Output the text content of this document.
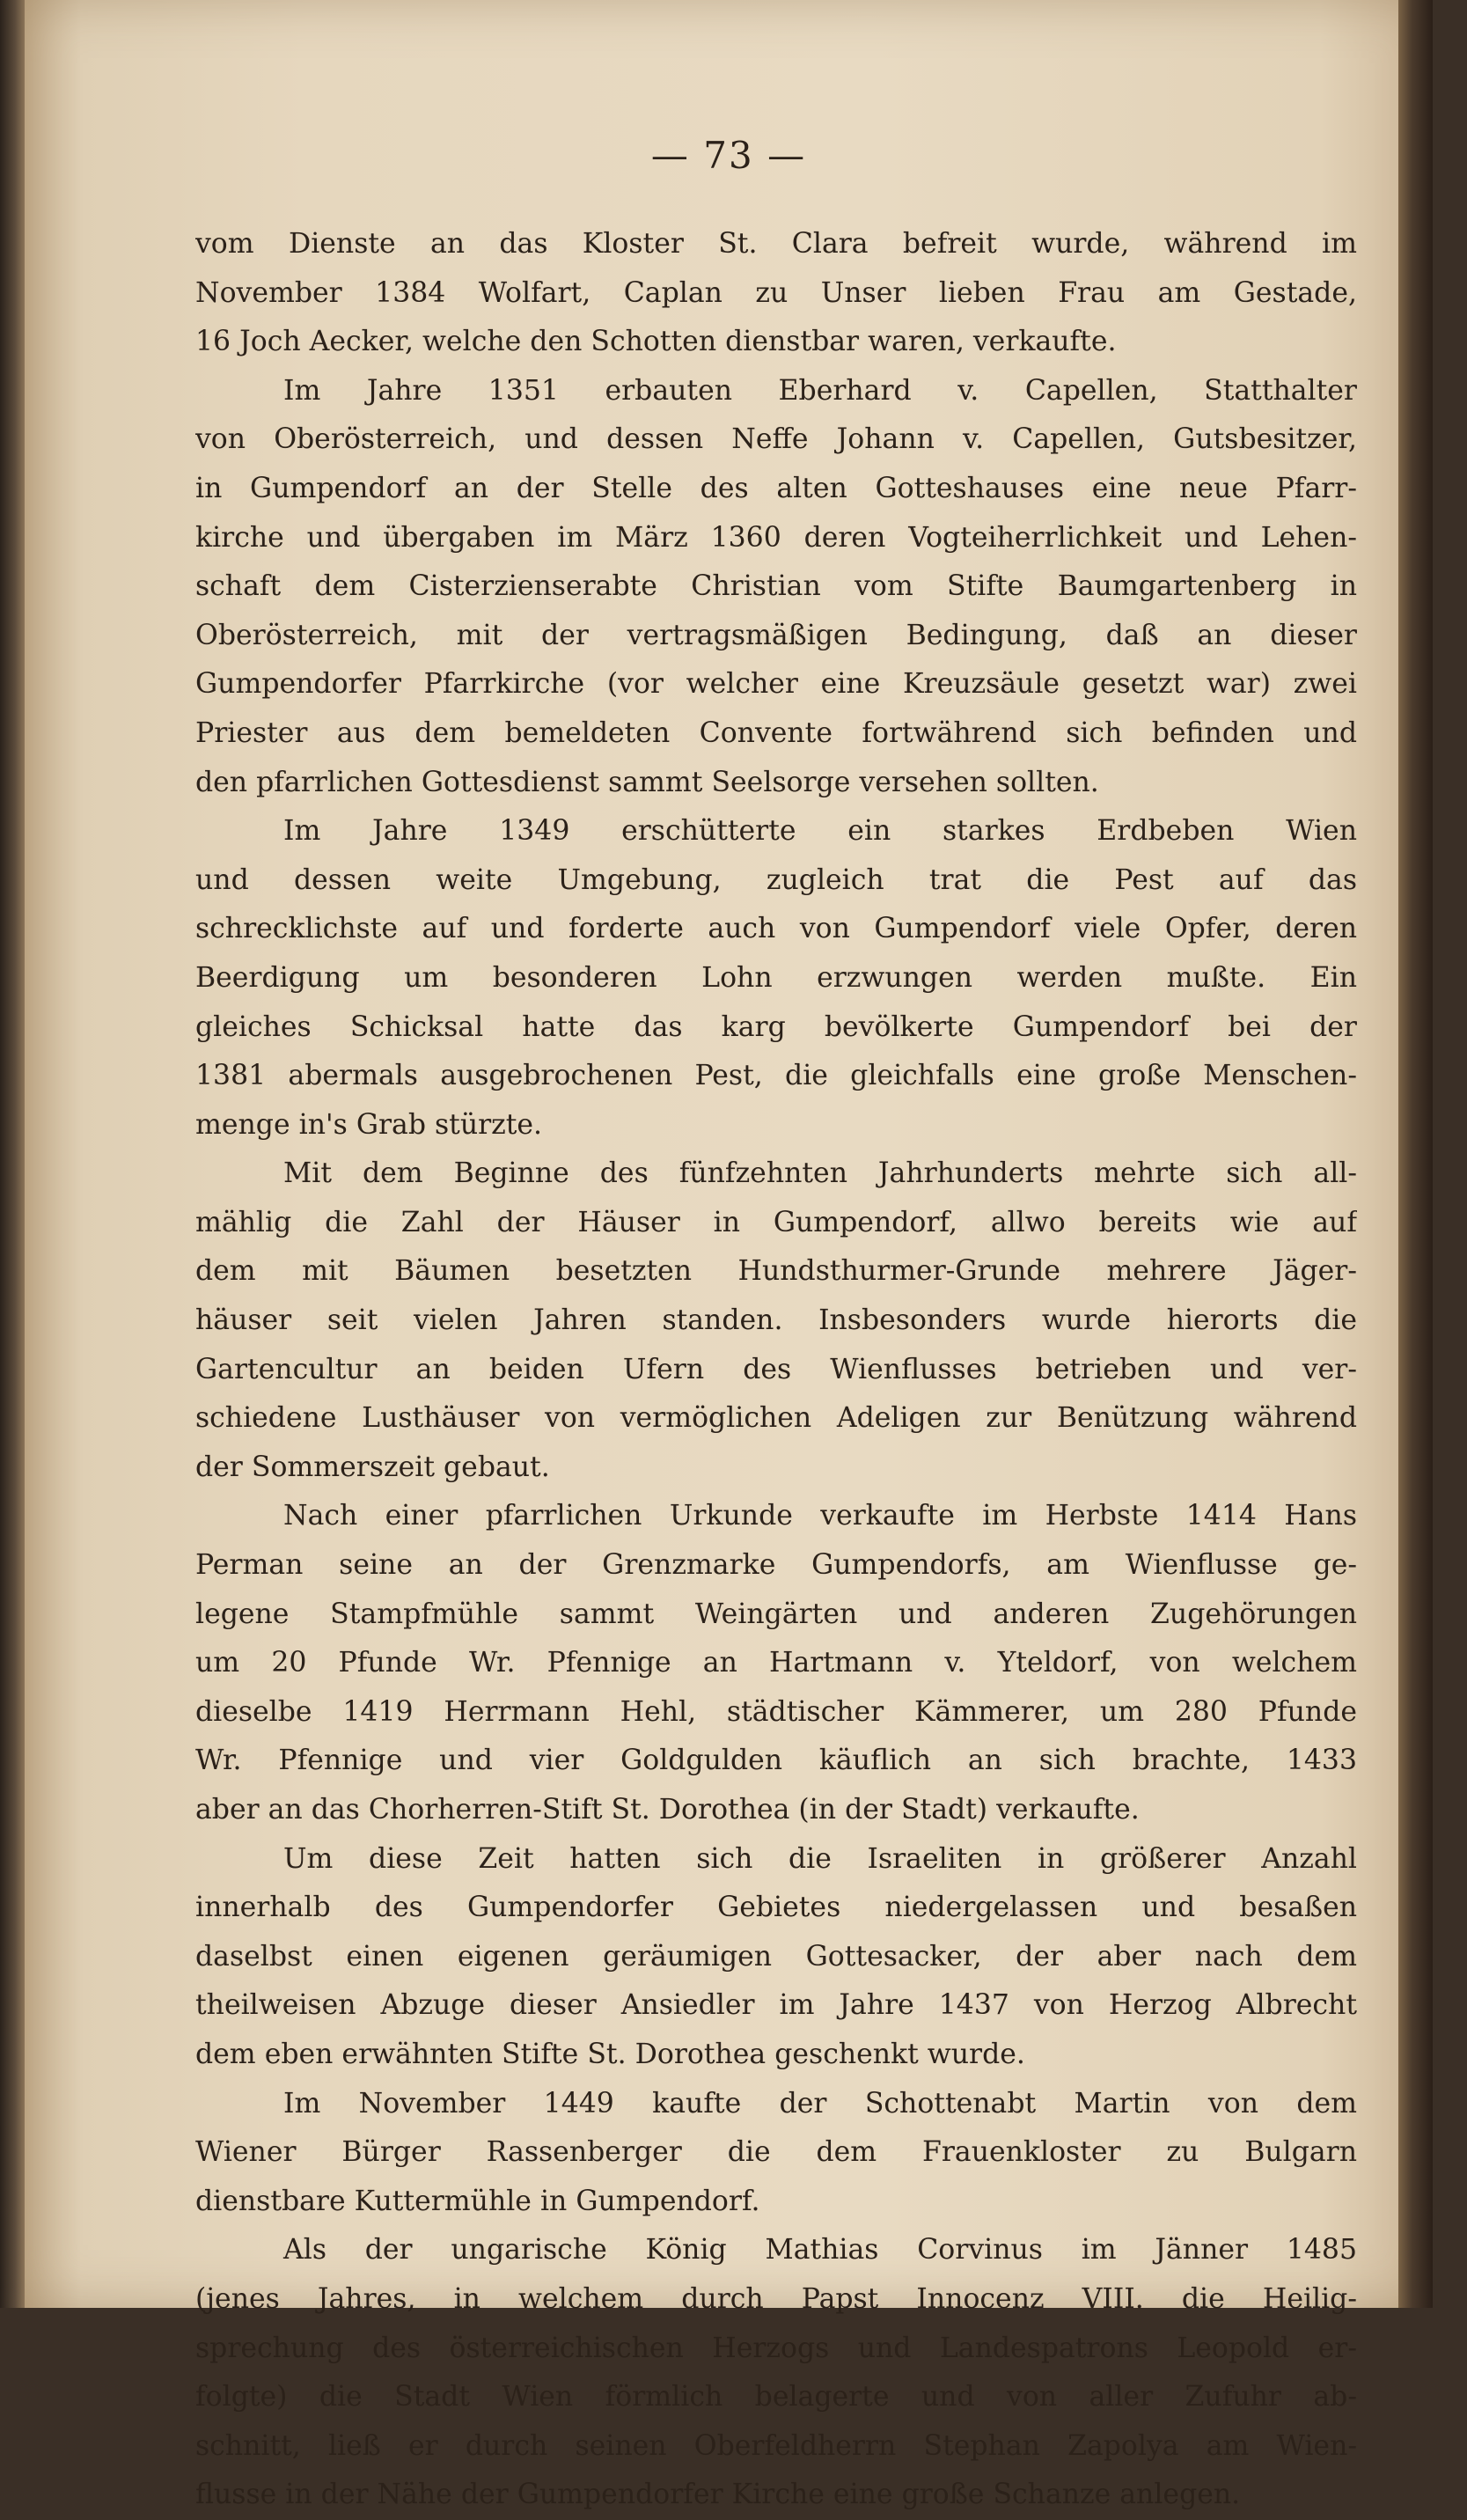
— 73 —
vom Dienste an das Kloster St. Clara befreit wurde, während im
November 1384 Wolfart, Caplan zu Unser lieben Frau am Gestade,
16 Joch Aecker, welche den Schotten dienstbar waren, verkaufte.
Im Jahre 1351 erbauten Eberhard v. Capellen, Statthalter
von Oberösterreich, und dessen Neffe Johann v. Capellen, Gutsbesitzer,
in Gumpendorf an der Stelle des alten Gotteshauses eine neue Pfarr-
kirche und übergaben im März 1360 deren Vogteiherrlichkeit und Lehen-
schaft dem Cisterzienserabte Christian vom Stifte Baumgartenberg in
Oberösterreich, mit der vertragsmäßigen Bedingung, daß an dieser
Gumpendorfer Pfarrkirche (vor welcher eine Kreuzsäule gesetzt war) zwei
Priester aus dem bemeldeten Convente fortwährend sich befinden und
den pfarrlichen Gottesdienst sammt Seelsorge versehen sollten.
Im Jahre 1349 erschütterte ein starkes Erdbeben Wien
und dessen weite Umgebung, zugleich trat die Pest auf das
schrecklichste auf und forderte auch von Gumpendorf viele Opfer, deren
Beerdigung um besonderen Lohn erzwungen werden mußte. Ein
gleiches Schicksal hatte das karg bevölkerte Gumpendorf bei der
1381 abermals ausgebrochenen Pest, die gleichfalls eine große Menschen-
menge in's Grab stürzte.
Mit dem Beginne des fünfzehnten Jahrhunderts mehrte sich all-
mählig die Zahl der Häuser in Gumpendorf, allwo bereits wie auf
dem mit Bäumen besetzten Hundsthurmer-Grunde mehrere Jäger-
häuser seit vielen Jahren standen. Insbesonders wurde hierorts die
Gartencultur an beiden Ufern des Wienflusses betrieben und ver-
schiedene Lusthäuser von vermöglichen Adeligen zur Benützung während
der Sommerszeit gebaut.
Nach einer pfarrlichen Urkunde verkaufte im Herbste 1414 Hans
Perman seine an der Grenzmarke Gumpendorfs, am Wienflusse ge-
legene Stampfmühle sammt Weingärten und anderen Zugehörungen
um 20 Pfunde Wr. Pfennige an Hartmann v. Yteldorf, von welchem
dieselbe 1419 Herrmann Hehl, städtischer Kämmerer, um 280 Pfunde
Wr. Pfennige und vier Goldgulden käuflich an sich brachte, 1433
aber an das Chorherren-Stift St. Dorothea (in der Stadt) verkaufte.
Um diese Zeit hatten sich die Israeliten in größerer Anzahl
innerhalb des Gumpendorfer Gebietes niedergelassen und besaßen
daselbst einen eigenen geräumigen Gottesacker, der aber nach dem
theilweisen Abzuge dieser Ansiedler im Jahre 1437 von Herzog Albrecht
dem eben erwähnten Stifte St. Dorothea geschenkt wurde.
Im November 1449 kaufte der Schottenabt Martin von dem
Wiener Bürger Rassenberger die dem Frauenkloster zu Bulgarn
dienstbare Kuttermühle in Gumpendorf.
Als der ungarische König Mathias Corvinus im Jänner 1485
(jenes Jahres, in welchem durch Papst Innocenz VIII. die Heilig-
sprechung des österreichischen Herzogs und Landespatrons Leopold er-
folgte) die Stadt Wien förmlich belagerte und von aller Zufuhr ab-
schnitt, ließ er durch seinen Oberfeldherrn Stephan Zapolya am Wien-
flusse in der Nähe der Gumpendorfer Kirche eine große Schanze anlegen.
